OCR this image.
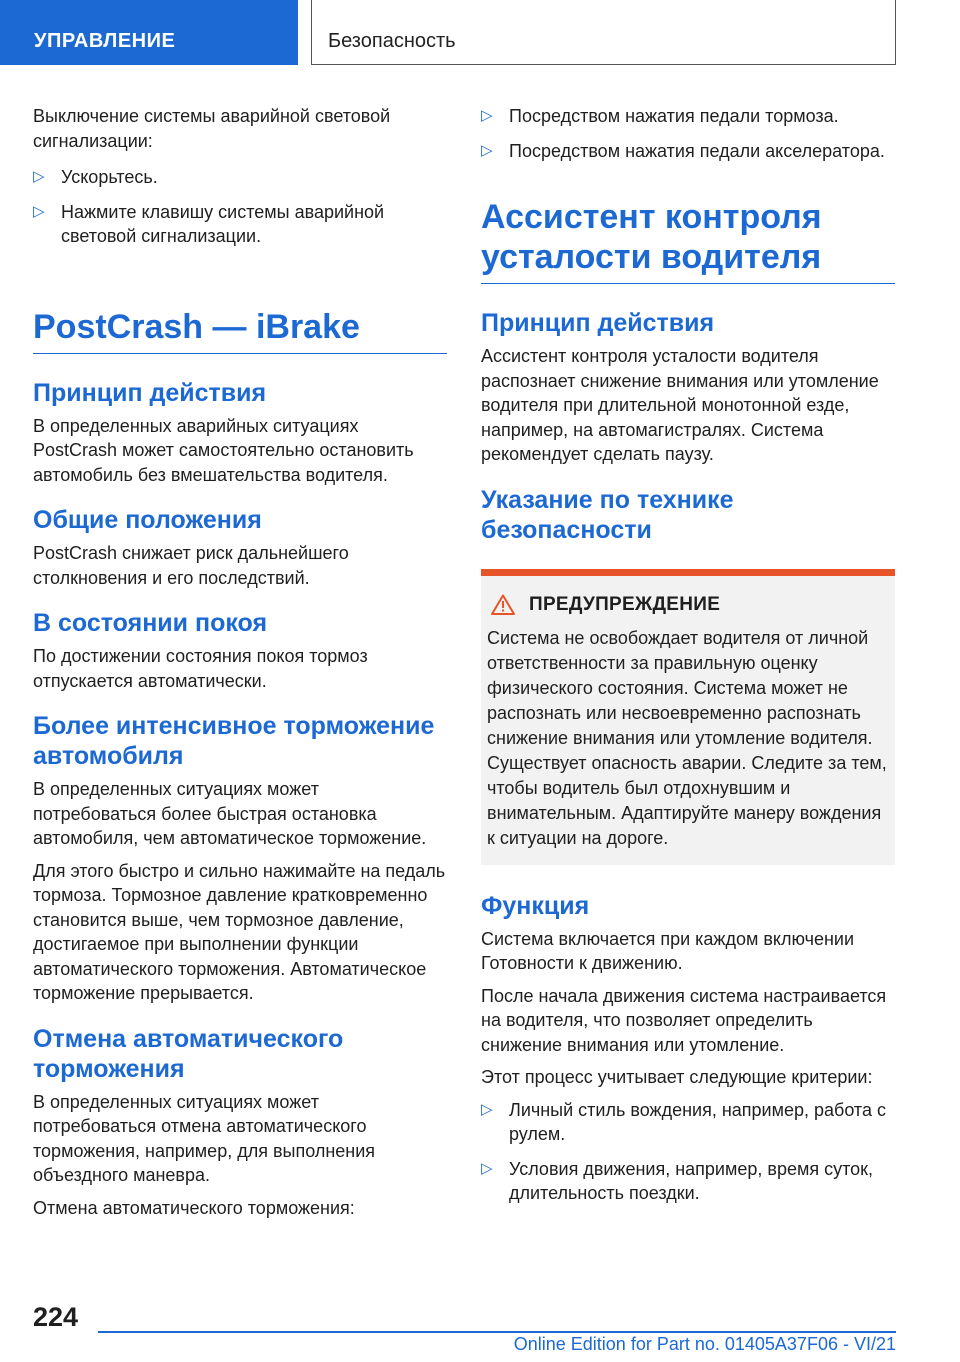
УПРАВЛЕНИЕ	Безопасность

Выключение системы аварийной световой сигнализации:

▷ Ускорьтесь.
▷ Нажмите клавишу системы аварийной световой сигнализации.
PostCrash — iBrake
Принцип действия

В определенных аварийных ситуациях PostCrash может самостоятельно остановить автомобиль без вмешательства водителя.

Общие положения

PostCrash снижает риск дальнейшего столкновения и его последствий.

В состоянии покоя

По достижении состояния покоя тормоз отпускается автоматически.

Более интенсивное торможение автомобиля

В определенных ситуациях может потребоваться более быстрая остановка автомобиля, чем автоматическое торможение.

Для этого быстро и сильно нажимайте на педаль тормоза. Тормозное давление кратковременно становится выше, чем тормозное давление, достигаемое при выполнении функции автоматического торможения. Автоматическое торможение прерывается.

Отмена автоматического торможения

В определенных ситуациях может потребоваться отмена автоматического торможения, например, для выполнения объездного маневра.

Отмена автоматического торможения:

▷ Посредством нажатия педали тормоза.
▷ Посредством нажатия педали акселератора.
Ассистент контроля усталости водителя
Принцип действия

Ассистент контроля усталости водителя распознает снижение внимания или утомление водителя при длительной монотонной езде, например, на автомагистралях. Система рекомендует сделать паузу.

Указание по технике безопасности
ПРЕДУПРЕЖДЕНИЕ

Система не освобождает водителя от личной ответственности за правильную оценку физического состояния. Система может не распознать или несвоевременно распознать снижение внимания или утомление водителя. Существует опасность аварии. Следите за тем, чтобы водитель был отдохнувшим и внимательным. Адаптируйте манеру вождения к ситуации на дороге.

Функция

Система включается при каждом включении Готовности к движению.

После начала движения система настраивается на водителя, что позволяет определить снижение внимания или утомление.

Этот процесс учитывает следующие критерии:

▷ Личный стиль вождения, например, работа с рулем.
▷ Условия движения, например, время суток, длительность поездки.
224
Online Edition for Part no. 01405A37F06 - VI/21
